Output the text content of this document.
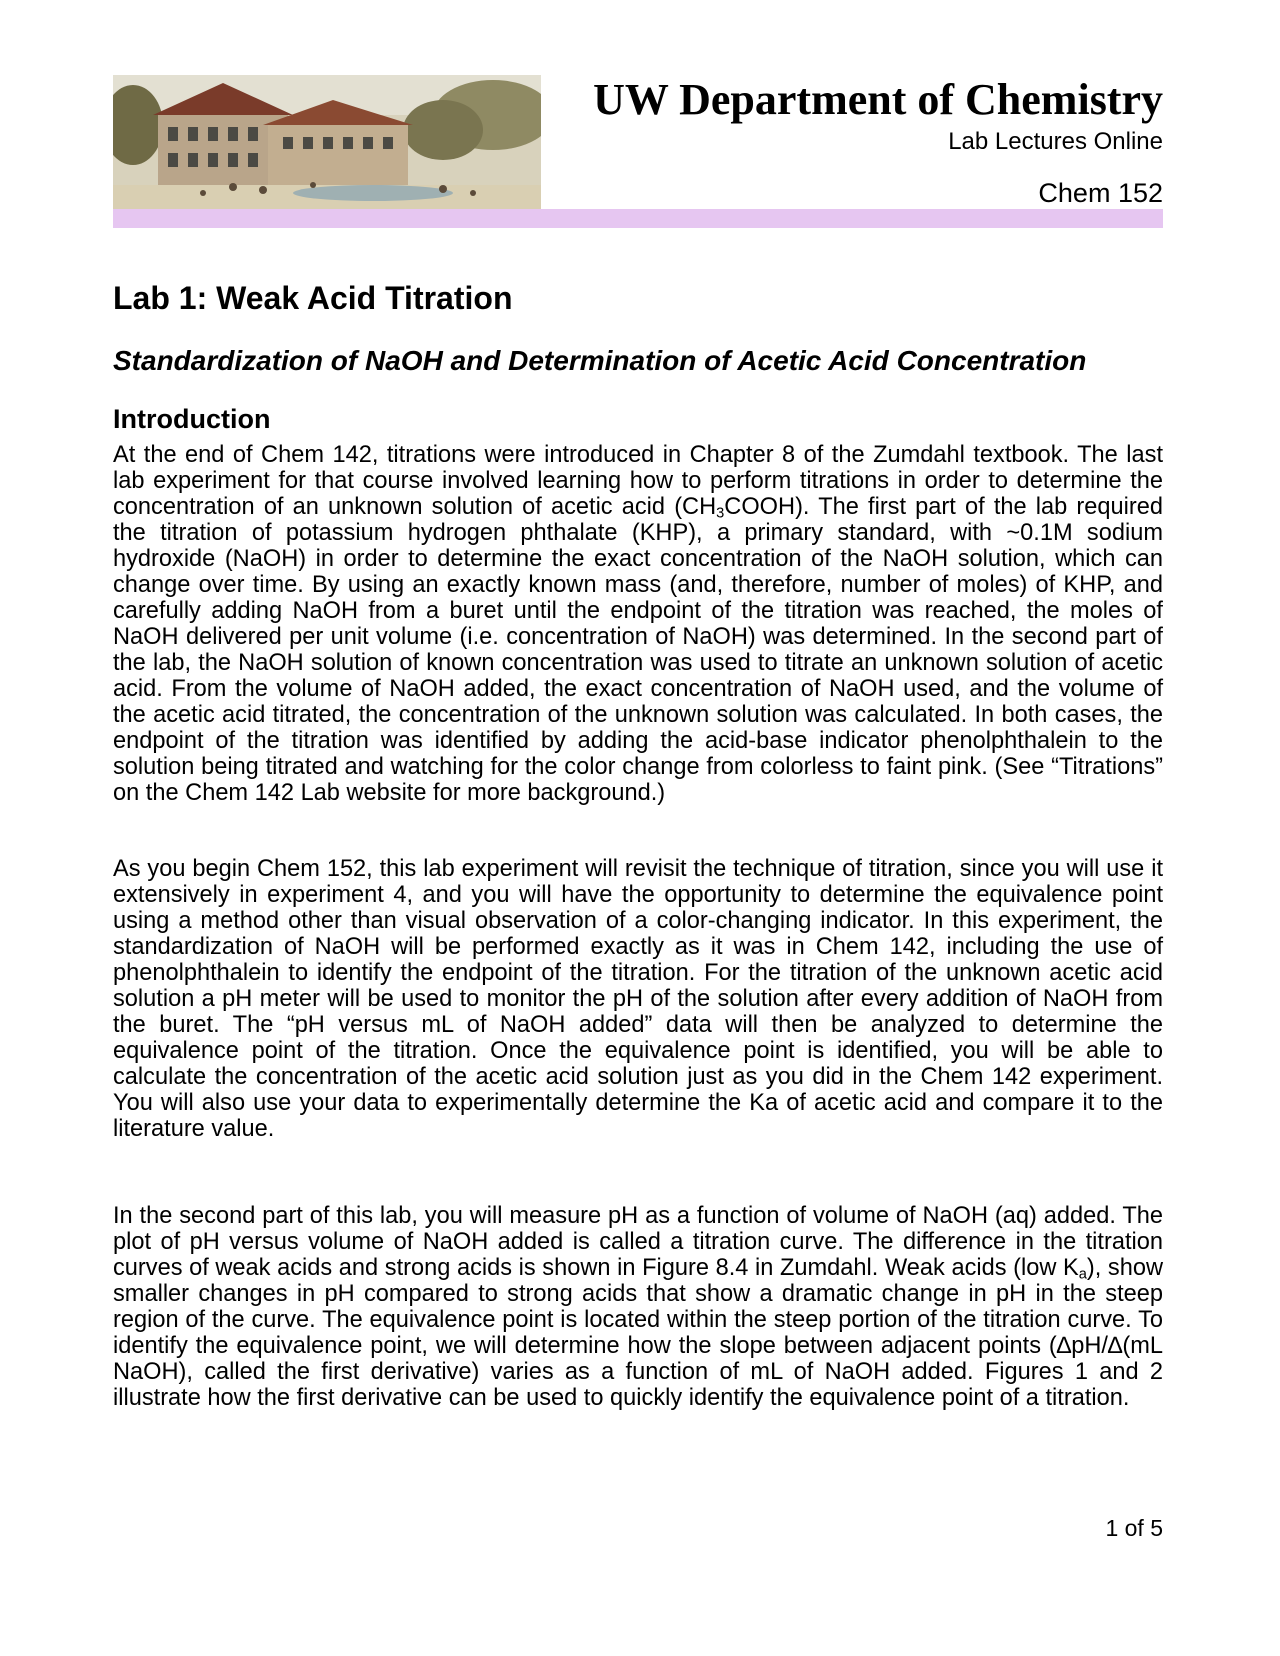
UW Department of Chemistry
Lab Lectures Online
Chem 152
Lab 1: Weak Acid Titration
Standardization of NaOH and Determination of Acetic Acid Concentration
Introduction

At the end of Chem 142, titrations were introduced in Chapter 8 of the Zumdahl textbook. The last lab experiment for that course involved learning how to perform titrations in order to determine the concentration of an unknown solution of acetic acid $(CH_3COOH)$. The first part of the lab required the titration of potassium hydrogen phthalate (KHP), a primary standard, with ~0.1M sodium hydroxide (NaOH) in order to determine the exact concentration of the NaOH solution, which can change over time. By using an exactly known mass (and, therefore, number of moles) of KHP, and carefully adding NaOH from a buret until the endpoint of the titration was reached, the moles of NaOH delivered per unit volume (i.e. concentration of NaOH) was determined. In the second part of the lab, the NaOH solution of known concentration was used to titrate an unknown solution of acetic acid. From the volume of NaOH added, the exact concentration of NaOH used, and the volume of the acetic acid titrated, the concentration of the unknown solution was calculated. In both cases, the endpoint of the titration was identified by adding the acid-base indicator phenolphthalein to the solution being titrated and watching for the color change from colorless to faint pink. (See “Titrations” on the Chem 142 Lab website for more background.)

As you begin Chem 152, this lab experiment will revisit the technique of titration, since you will use it extensively in experiment 4, and you will have the opportunity to determine the equivalence point using a method other than visual observation of a color-changing indicator. In this experiment, the standardization of NaOH will be performed exactly as it was in Chem 142, including the use of phenolphthalein to identify the endpoint of the titration. For the titration of the unknown acetic acid solution a pH meter will be used to monitor the pH of the solution after every addition of NaOH from the buret. The “pH versus mL of NaOH added” data will then be analyzed to determine the equivalence point of the titration. Once the equivalence point is identified, you will be able to calculate the concentration of the acetic acid solution just as you did in the Chem 142 experiment. You will also use your data to experimentally determine the Ka of acetic acid and compare it to the literature value.

In the second part of this lab, you will measure pH as a function of volume of NaOH (aq) added. The plot of pH versus volume of NaOH added is called a titration curve. The difference in the titration curves of weak acids and strong acids is shown in Figure 8.4 in Zumdahl. Weak acids (low $K_a$), show smaller changes in pH compared to strong acids that show a dramatic change in pH in the steep region of the curve. The equivalence point is located within the steep portion of the titration curve. To identify the equivalence point, we will determine how the slope between adjacent points (∆pH/∆(mL NaOH), called the first derivative) varies as a function of mL of NaOH added. Figures 1 and 2 illustrate how the first derivative can be used to quickly identify the equivalence point of a titration.

1 of 5
